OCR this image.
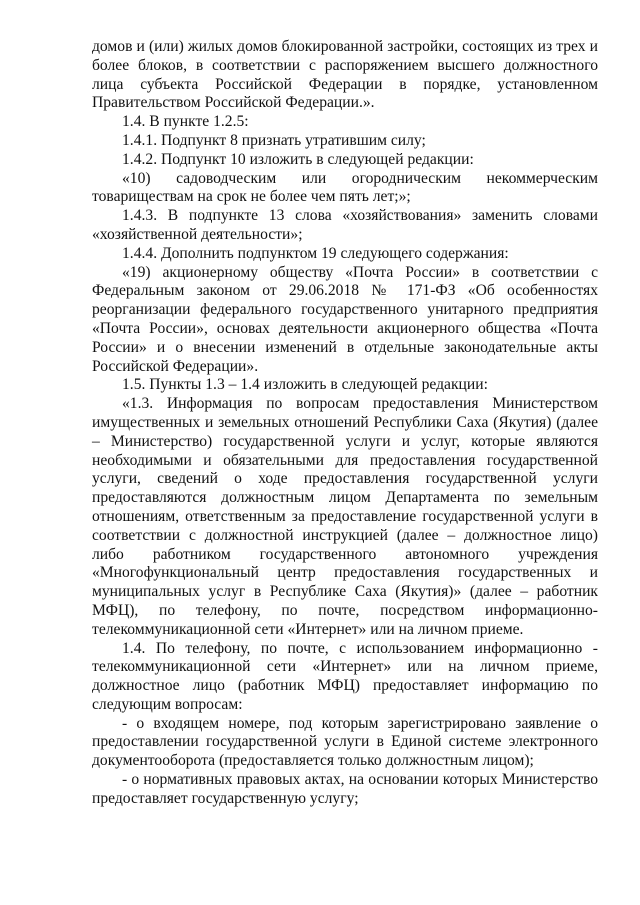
домов и (или) жилых домов блокированной застройки, состоящих из трех и более блоков, в соответствии с распоряжением высшего должностного лица субъекта Российской Федерации в порядке, установленном Правительством Российской Федерации.».

1.4. В пункте 1.2.5:

1.4.1. Подпункт 8 признать утратившим силу;

1.4.2. Подпункт 10 изложить в следующей редакции:

«10) садоводческим или огородническим некоммерческим товариществам на срок не более чем пять лет;»;

1.4.3. В подпункте 13 слова «хозяйствования» заменить словами «хозяйственной деятельности»;

1.4.4. Дополнить подпунктом 19 следующего содержания:

«19) акционерному обществу «Почта России» в соответствии с Федеральным законом от 29.06.2018 № 171-ФЗ «Об особенностях реорганизации федерального государственного унитарного предприятия «Почта России», основах деятельности акционерного общества «Почта России» и о внесении изменений в отдельные законодательные акты Российской Федерации».

1.5. Пункты 1.3 – 1.4 изложить в следующей редакции:

«1.3. Информация по вопросам предоставления Министерством имущественных и земельных отношений Республики Саха (Якутия) (далее – Министерство) государственной услуги и услуг, которые являются необходимыми и обязательными для предоставления государственной услуги, сведений о ходе предоставления государственной услуги предоставляются должностным лицом Департамента по земельным отношениям, ответственным за предоставление государственной услуги в соответствии с должностной инструкцией (далее – должностное лицо) либо работником государственного автономного учреждения «Многофункциональный центр предоставления государственных и муниципальных услуг в Республике Саха (Якутия)» (далее – работник МФЦ), по телефону, по почте, посредством информационно-телекоммуникационной сети «Интернет» или на личном приеме.

1.4. По телефону, по почте, с использованием информационно - телекоммуникационной сети «Интернет» или на личном приеме, должностное лицо (работник МФЦ) предоставляет информацию по следующим вопросам:

- о входящем номере, под которым зарегистрировано заявление о предоставлении государственной услуги в Единой системе электронного документооборота (предоставляется только должностным лицом);

- о нормативных правовых актах, на основании которых Министерство предоставляет государственную услугу;
